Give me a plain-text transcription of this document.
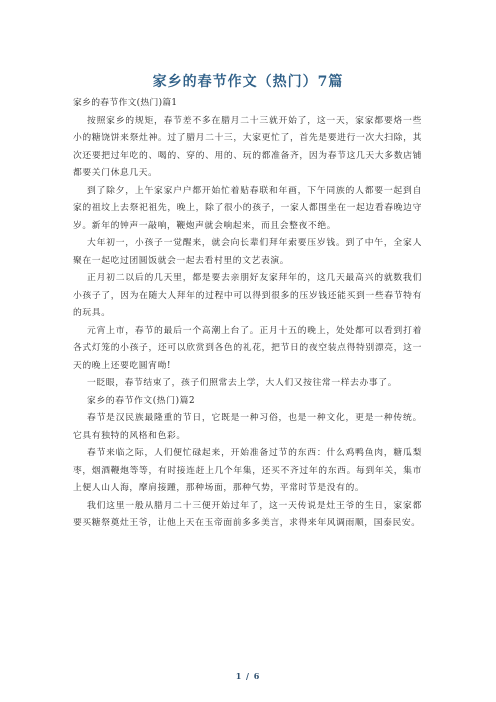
家乡的春节作文（热门）7篇

家乡的春节作文(热门)篇1

按照家乡的规矩，春节差不多在腊月二十三就开始了，这一天，家家都要烙一些小的糖饶饼来祭灶神。过了腊月二十三，大家更忙了，首先是要进行一次大扫除，其次还要把过年吃的、喝的、穿的、用的、玩的都准备齐，因为春节这几天大多数店铺都要关门休息几天。

到了除夕，上午家家户户都开始忙着贴春联和年画，下午同族的人都要一起到自家的祖坟上去祭祀祖先，晚上，除了很小的孩子，一家人都围坐在一起边看春晚边守岁。新年的钟声一敲响，鞭炮声就会响起来，而且会整夜不绝。

大年初一，小孩子一觉醒来，就会向长辈们拜年索要压岁钱。到了中午，全家人聚在一起吃过团圆饭就会一起去看村里的文艺表演。

正月初二以后的几天里，都是要去亲朋好友家拜年的，这几天最高兴的就数我们小孩子了，因为在随大人拜年的过程中可以得到很多的压岁钱还能买到一些春节特有的玩具。

元宵上市，春节的最后一个高潮上台了。正月十五的晚上，处处都可以看到打着各式灯笼的小孩子，还可以欣赏到各色的礼花，把节日的夜空装点得特别漂亮，这一天的晚上还要吃圆宵呦!

一眨眼，春节结束了，孩子们照常去上学，大人们又按往常一样去办事了。

家乡的春节作文(热门)篇2

春节是汉民族最隆重的节日，它既是一种习俗，也是一种文化，更是一种传统。它具有独特的风格和色彩。

春节来临之际，人们便忙碌起来，开始准备过节的东西：什么鸡鸭鱼肉，糖瓜梨枣，烟酒鞭炮等等，有时接连赶上几个年集，还买不齐过年的东西。每到年关，集市上便人山人海，摩肩接踵，那种场面，那种气势，平常时节是没有的。

我们这里一般从腊月二十三便开始过年了，这一天传说是灶王爷的生日，家家都要买糖祭奠灶王爷，让他上天在玉帝面前多多美言，求得来年风调雨顺，国泰民安。

1 / 6
